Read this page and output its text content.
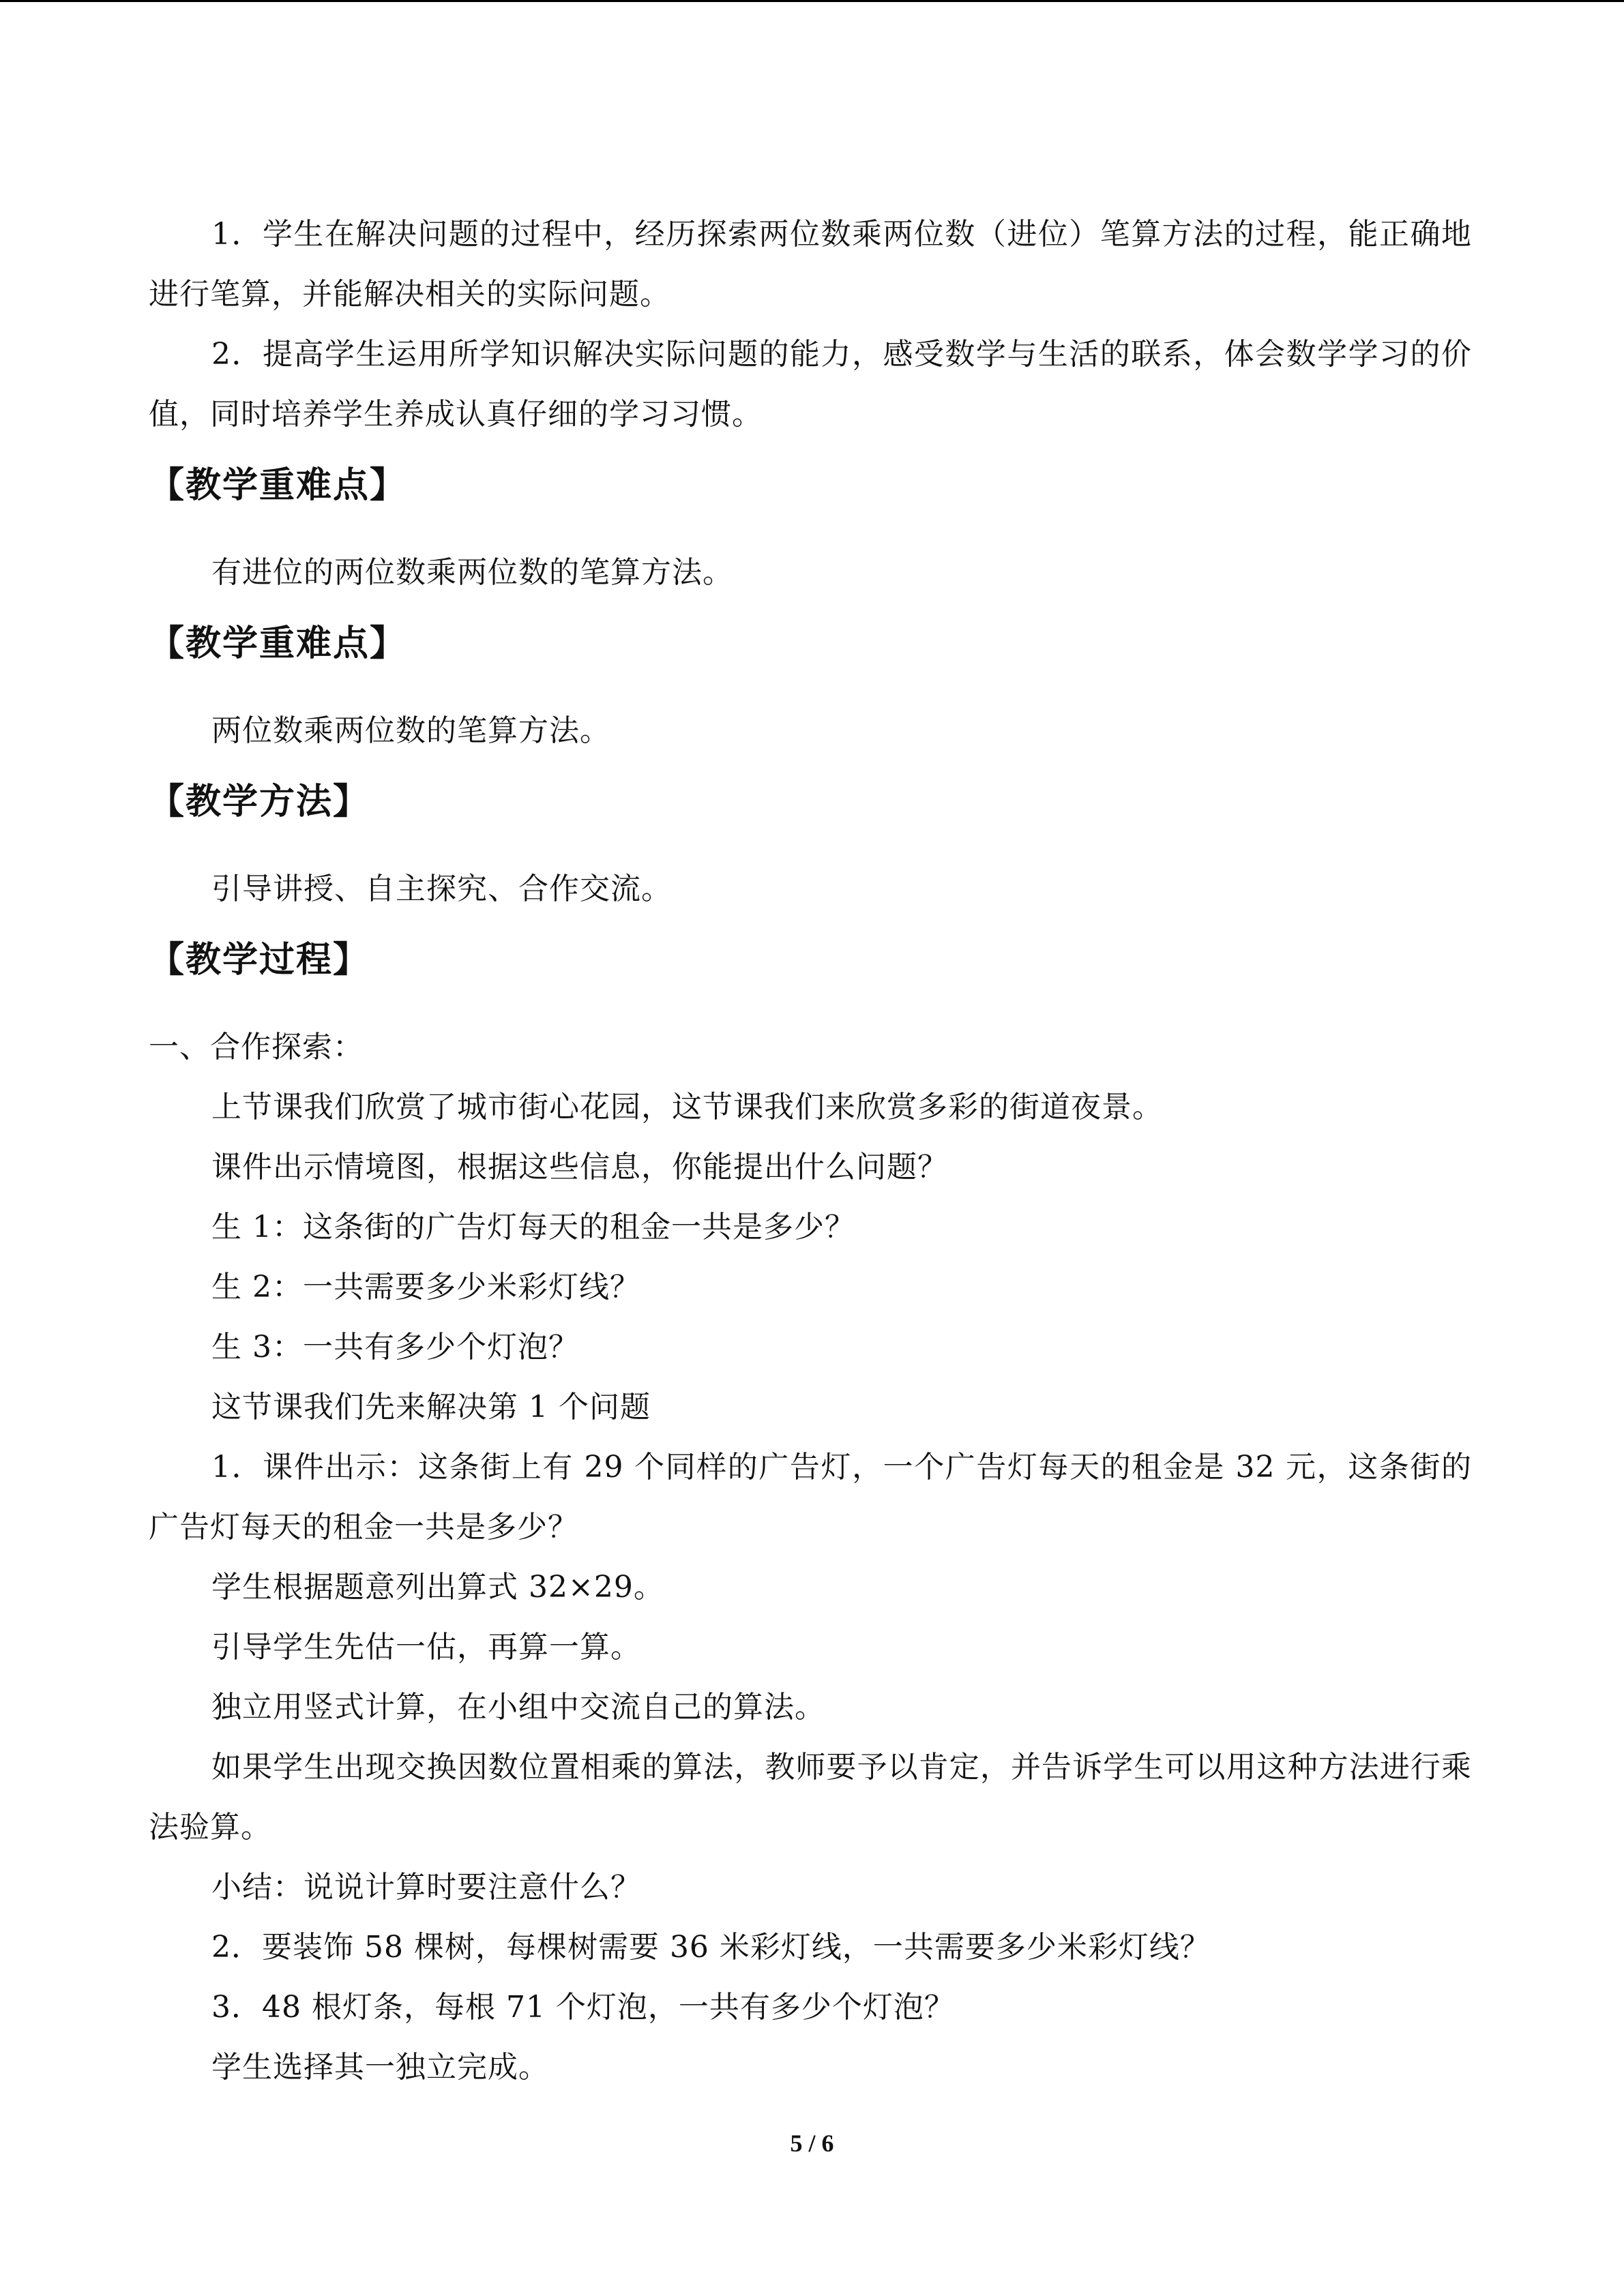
1．学生在解决问题的过程中，经历探索两位数乘两位数（进位）笔算方法的过程，能正确地进行笔算，并能解决相关的实际问题。

2．提高学生运用所学知识解决实际问题的能力，感受数学与生活的联系，体会数学学习的价值，同时培养学生养成认真仔细的学习习惯。

【教学重难点】

有进位的两位数乘两位数的笔算方法。

【教学重难点】

两位数乘两位数的笔算方法。

【教学方法】

引导讲授、自主探究、合作交流。

【教学过程】

一、合作探索：

上节课我们欣赏了城市街心花园，这节课我们来欣赏多彩的街道夜景。

课件出示情境图，根据这些信息，你能提出什么问题？

生 1：这条街的广告灯每天的租金一共是多少？

生 2：一共需要多少米彩灯线？

生 3：一共有多少个灯泡？

这节课我们先来解决第 1 个问题

1．课件出示：这条街上有 29 个同样的广告灯，一个广告灯每天的租金是 32 元，这条街的广告灯每天的租金一共是多少？

学生根据题意列出算式 32×29。

引导学生先估一估，再算一算。

独立用竖式计算，在小组中交流自己的算法。

如果学生出现交换因数位置相乘的算法，教师要予以肯定，并告诉学生可以用这种方法进行乘法验算。

小结：说说计算时要注意什么？

2．要装饰 58 棵树，每棵树需要 36 米彩灯线，一共需要多少米彩灯线？

3．48 根灯条，每根 71 个灯泡，一共有多少个灯泡？

学生选择其一独立完成。

5 / 6
